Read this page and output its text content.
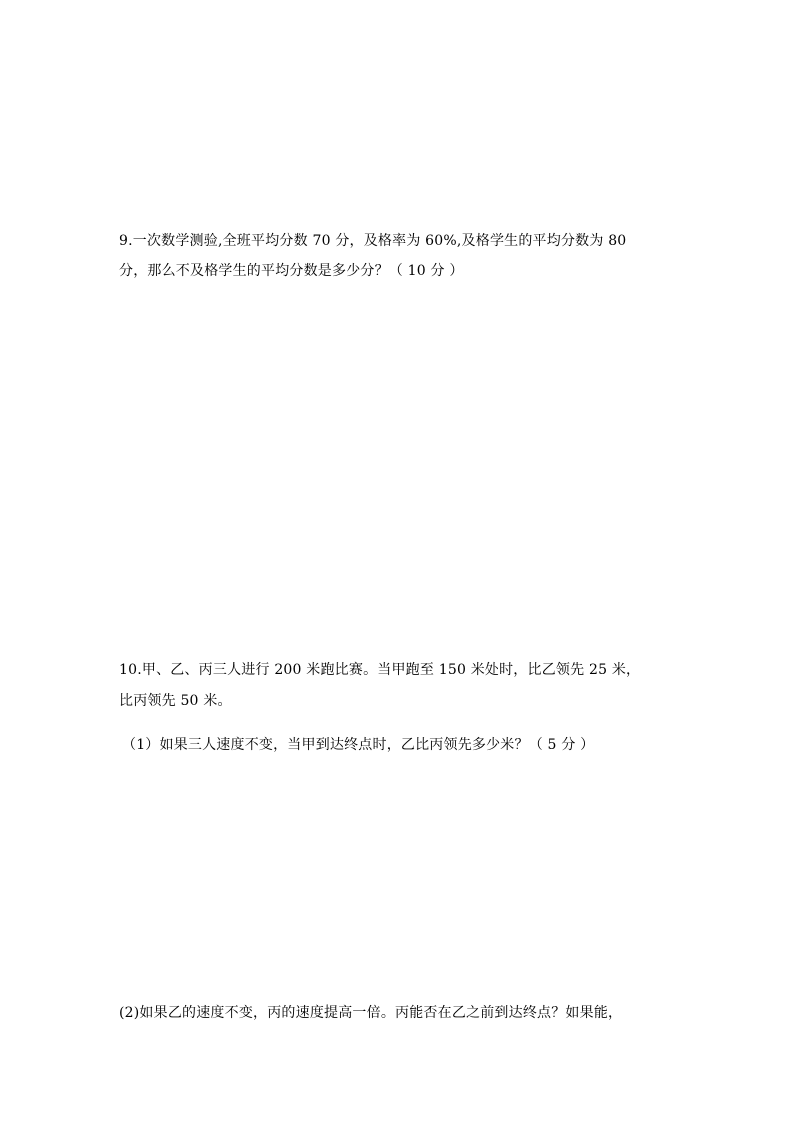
9.一次数学测验,全班平均分数 70 分，及格率为 60%,及格学生的平均分数为 80
分，那么不及格学生的平均分数是多少分？（ 10 分 ）
10.甲、乙、丙三人进行 200 米跑比赛。当甲跑至 150 米处时，比乙领先 25 米，
比丙领先 50 米。
（1）如果三人速度不变，当甲到达终点时，乙比丙领先多少米？（ 5 分 ）
(2)如果乙的速度不变，丙的速度提高一倍。丙能否在乙之前到达终点？如果能，
